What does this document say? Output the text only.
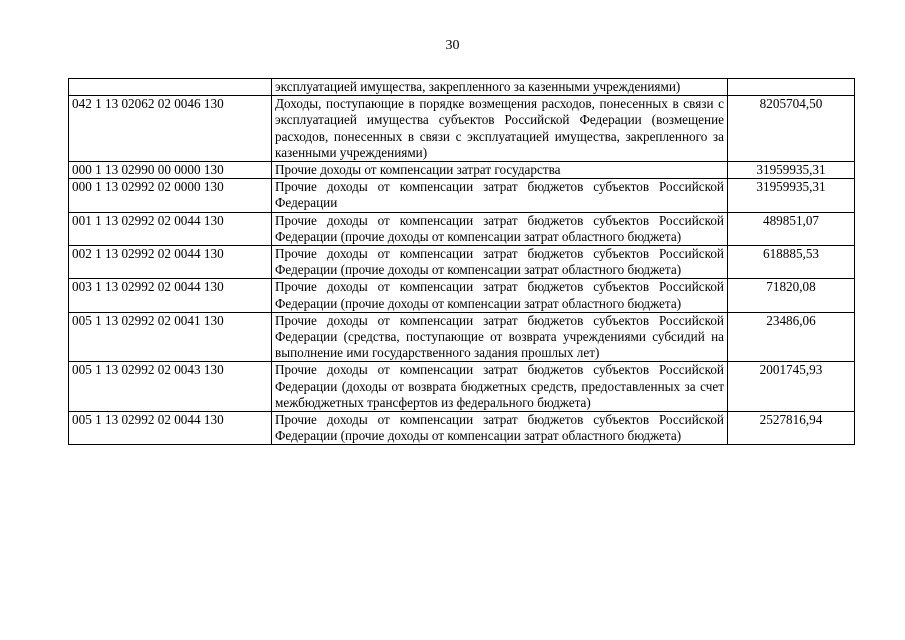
30
	эксплуатацией имущества, закрепленного за казенными учреждениями)	
042 1 13 02062 02 0046 130	Доходы, поступающие в порядке возмещения расходов, понесенных в связи с эксплуатацией имущества субъектов Российской Федерации (возмещение расходов, понесенных в связи с эксплуатацией имущества, закрепленного за казенными учреждениями)	8205704,50
000 1 13 02990 00 0000 130	Прочие доходы от компенсации затрат государства	31959935,31
000 1 13 02992 02 0000 130	Прочие доходы от компенсации затрат бюджетов субъектов Российской Федерации	31959935,31
001 1 13 02992 02 0044 130	Прочие доходы от компенсации затрат бюджетов субъектов Российской Федерации (прочие доходы от компенсации затрат областного бюджета)	489851,07
002 1 13 02992 02 0044 130	Прочие доходы от компенсации затрат бюджетов субъектов Российской Федерации (прочие доходы от компенсации затрат областного бюджета)	618885,53
003 1 13 02992 02 0044 130	Прочие доходы от компенсации затрат бюджетов субъектов Российской Федерации (прочие доходы от компенсации затрат областного бюджета)	71820,08
005 1 13 02992 02 0041 130	Прочие доходы от компенсации затрат бюджетов субъектов Российской Федерации (средства, поступающие от возврата учреждениями субсидий на выполнение ими государственного задания прошлых лет)	23486,06
005 1 13 02992 02 0043 130	Прочие доходы от компенсации затрат бюджетов субъектов Российской Федерации (доходы от возврата бюджетных средств, предоставленных за счет межбюджетных трансфертов из федерального бюджета)	2001745,93
005 1 13 02992 02 0044 130	Прочие доходы от компенсации затрат бюджетов субъектов Российской Федерации (прочие доходы от компенсации затрат областного бюджета)	2527816,94
